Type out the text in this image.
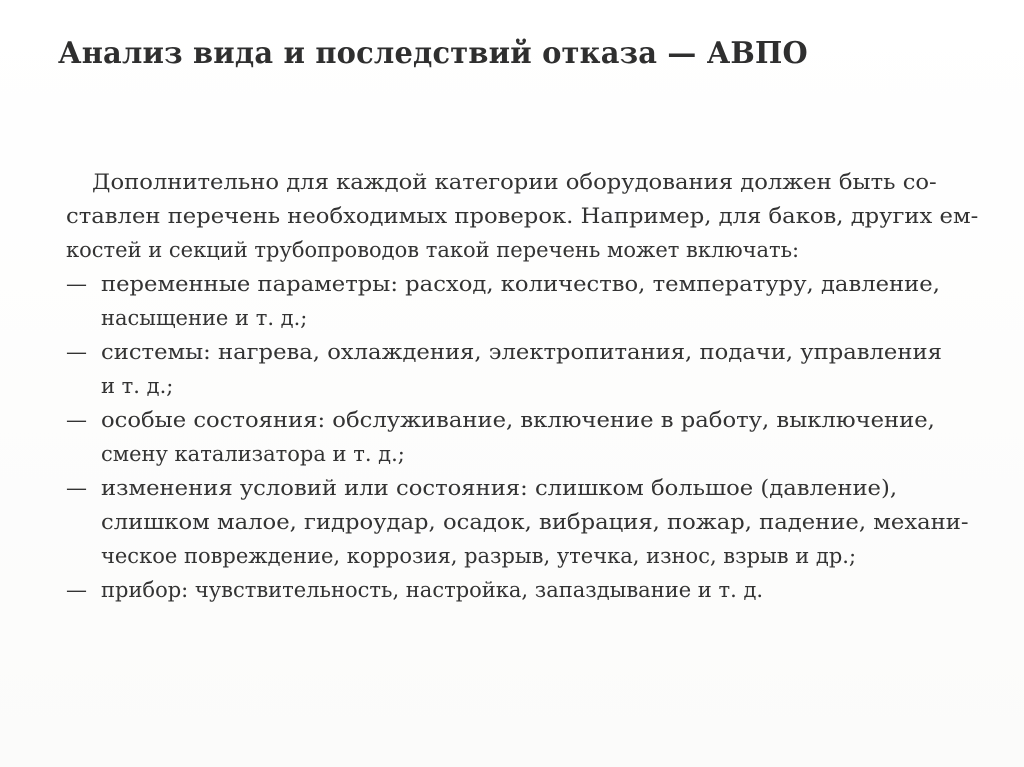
Анализ вида и последствий отказа — АВПО
Дополнительно для каждой категории оборудования должен быть со-
ставлен перечень необходимых проверок. Например, для баков, других ем-
костей и секций трубопроводов такой перечень может включать:
— переменные параметры: расход, количество, температуру, давление,
насыщение и т. д.;
— системы: нагрева, охлаждения, электропитания, подачи, управления
и т. д.;
— особые состояния: обслуживание, включение в работу, выключение,
смену катализатора и т. д.;
— изменения условий или состояния: слишком большое (давление),
слишком малое, гидроудар, осадок, вибрация, пожар, падение, механи-
ческое повреждение, коррозия, разрыв, утечка, износ, взрыв и др.;
— прибор: чувствительность, настройка, запаздывание и т. д.
